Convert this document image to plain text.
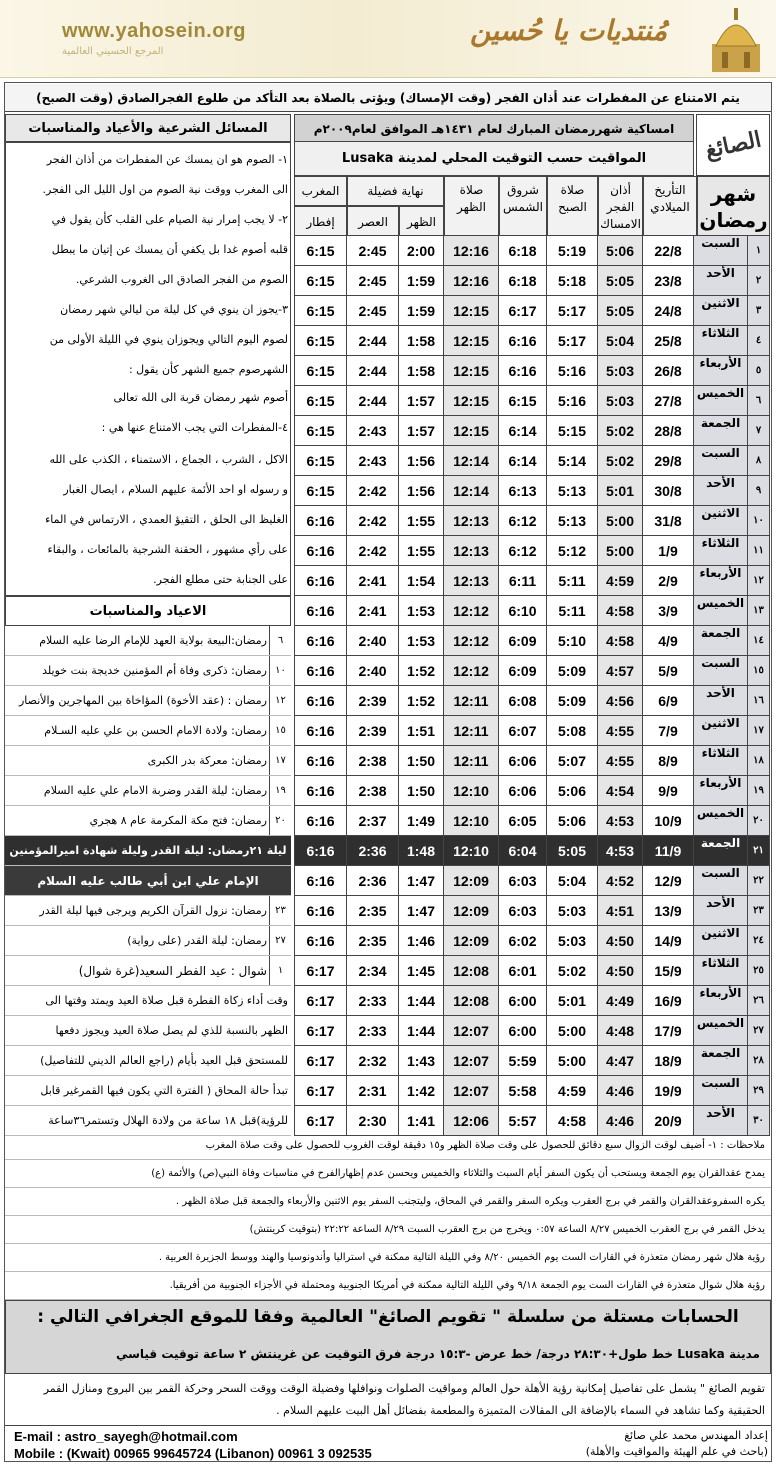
www.yahosein.org
المرجع الحسيني العالمية
مُنتديات يا حُسين
يتم الامتناع عن المفطرات عند أذان الفجر (وقت الإمساك) ويؤتى بالصلاة بعد التأكد من طلوع الفجرالصادق (وقت الصبح)
المسائل الشرعية والأعياد والمناسبات	امساكية شهررمضان المبارك لعام ١٤٣١هـ الموافق لعام٢٠٠٩م
المواقيت حسب التوقيت المحلي لمدينة Lusaka	الصائغ
شهر رمضان
التأريخ الميلادي
أذان الفجر الامساك
صلاة الصبح
شروق الشمس
صلاة الظهر
نهاية فضيلة
الظهر
العصر
المغرب
إفطار
١
السبت
22/8
5:06
5:19
6:18
12:16
2:00
2:45
6:15
٢
الأحد
23/8
5:05
5:18
6:18
12:16
1:59
2:45
6:15
٣
الاثنين
24/8
5:05
5:17
6:17
12:15
1:59
2:45
6:15
٤
الثلاثاء
25/8
5:04
5:17
6:16
12:15
1:58
2:44
6:15
٥
الأربعاء
26/8
5:03
5:16
6:16
12:15
1:58
2:44
6:15
٦
الخميس
27/8
5:03
5:16
6:15
12:15
1:57
2:44
6:15
٧
الجمعة
28/8
5:02
5:15
6:14
12:15
1:57
2:43
6:15
٨
السبت
29/8
5:02
5:14
6:14
12:14
1:56
2:43
6:15
٩
الأحد
30/8
5:01
5:13
6:13
12:14
1:56
2:42
6:15
١٠
الاثنين
31/8
5:00
5:13
6:12
12:13
1:55
2:42
6:16
١١
الثلاثاء
1/9
5:00
5:12
6:12
12:13
1:55
2:42
6:16
١٢
الأربعاء
2/9
4:59
5:11
6:11
12:13
1:54
2:41
6:16
١٣
الخميس
3/9
4:58
5:11
6:10
12:12
1:53
2:41
6:16
١٤
الجمعة
4/9
4:58
5:10
6:09
12:12
1:53
2:40
6:16
١٥
السبت
5/9
4:57
5:09
6:09
12:12
1:52
2:40
6:16
١٦
الأحد
6/9
4:56
5:09
6:08
12:11
1:52
2:39
6:16
١٧
الاثنين
7/9
4:55
5:08
6:07
12:11
1:51
2:39
6:16
١٨
الثلاثاء
8/9
4:55
5:07
6:06
12:11
1:50
2:38
6:16
١٩
الأربعاء
9/9
4:54
5:06
6:06
12:10
1:50
2:38
6:16
٢٠
الخميس
10/9
4:53
5:06
6:05
12:10
1:49
2:37
6:16
٢١
الجمعة
11/9
4:53
5:05
6:04
12:10
1:48
2:36
6:16
٢٢
السبت
12/9
4:52
5:04
6:03
12:09
1:47
2:36
6:16
٢٣
الأحد
13/9
4:51
5:03
6:03
12:09
1:47
2:35
6:16
٢٤
الاثنين
14/9
4:50
5:03
6:02
12:09
1:46
2:35
6:16
٢٥
الثلاثاء
15/9
4:50
5:02
6:01
12:08
1:45
2:34
6:17
٢٦
الأربعاء
16/9
4:49
5:01
6:00
12:08
1:44
2:33
6:17
٢٧
الخميس
17/9
4:48
5:00
6:00
12:07
1:44
2:33
6:17
٢٨
الجمعة
18/9
4:47
5:00
5:59
12:07
1:43
2:32
6:17
٢٩
السبت
19/9
4:46
4:59
5:58
12:07
1:42
2:31
6:17
٣٠
الأحد
20/9
4:46
4:58
5:57
12:06
1:41
2:30
6:17
١- الصوم هو ان يمسك عن المفطرات من أذان الفجر
الى المغرب ووقت نية الصوم من اول الليل الى الفجر.
٢- لا يجب إمرار نية الصيام على القلب كأن يقول في
قلبه أصوم غدا بل يكفي أن يمسك عن إتيان ما يبطل
الصوم من الفجر الصادق الى الغروب الشرعي.
٣-يجوز ان ينوي في كل ليلة من ليالي شهر رمضان
لصوم اليوم التالي ويجوزان ينوي في الليلة الأولى من
الشهرصوم جميع الشهر كأن يقول :
أصوم شهر رمضان قربة الى الله تعالى
٤-المفطرات التي يجب الامتناع عنها هي :
الاكل ، الشرب ، الجماع ، الاستمناء ، الكذب على الله
و رسوله او احد الأئمة عليهم السلام ، ايصال الغبار
الغليظ الى الحلق ، التقيؤ العمدي ، الارتماس في الماء
على رأي مشهور ، الحقنة الشرجية بالمائعات ، والبقاء
على الجنابة حتى مطلع الفجر.
الاعياد والمناسبات
٦
رمضان:البيعة بولاية العهد للإمام الرضا عليه السلام
١٠
رمضان: ذكرى وفاة أم المؤمنين خديجة بنت خويلد
١٢
رمضان : (عقد الأخوة) المؤاخاة بين المهاجرين والأنصار
١٥
رمضان: ولادة الامام الحسن بن علي عليه السـلام
١٧
رمضان: معركة بدر الكبرى
١٩
رمضان: ليلة القدر وضربة الامام علي عليه السلام
٢٠
رمضان: فتح مكة المكرمة عام ٨ هجري
ليلة ٢١رمضان: ليلة القدر وليلة شهادة اميرالمؤمنين
الإمام علي ابن أبي طالب عليه السلام
٢٣
رمضان: نزول القرآن الكريم ويرجى فيها ليلة القدر
٢٧
رمضان: ليلة القدر (على رواية)
١
شوال : عيد الفطر السعيد(غرة شوال)
وقت أداء زكاة الفطرة قبل صلاة العيد ويمتد وقتها الى
الظهر بالنسبة للذي لم يصل صلاة العيد ويجوز دفعها
للمستحق قبل العيد بأيام (راجع العالم الديني للتفاصيل)
تبدأ حالة المحاق ( الفترة التي يكون فيها القمرغير قابل
للرؤية)قبل ١٨ ساعة من ولادة الهلال وتستمر٣٦ساعة
ملاحظات : ١- أضيف لوقت الزوال سبع دقائق للحصول على وقت صلاة الظهر و١٥ دقيقة لوقت الغروب للحصول على وقت صلاة المغرب
يمدح عقدالقران يوم الجمعة ويستحب أن يكون السفر أيام السبت والثلاثاء والخميس ويحسن عدم إظهارالفرح في مناسبات وفاة النبي(ص) والأئمة (ع)
يكره السفروعقدالقران والقمر في برج العقرب ويكره السفر والقمر في المحاق، وليتجنب السفر يوم الاثنين والأربعاء والجمعة قبل صلاة الظهر .
يدخل القمر في برج العقرب الخميس ٨/٢٧ الساعة ٠:٥٧ ويخرج من برج العقرب السبت ٨/٢٩ الساعة ٢٢:٢٢ (بتوقيت كرينتش)
رؤية هلال شهر رمضان متعذرة في القارات الست يوم الخميس ٨/٢٠ وفي الليلة التالية ممكنة في استراليا وأندونوسيا والهند ووسط الجزيرة العربية .
رؤية هلال شوال متعذرة في القارات الست يوم الجمعة ٩/١٨ وفي الليلة التالية ممكنة في أمريكا الجنوبية ومحتملة في الأجزاء الجنوبية من أفريقيا.
الحسابات مستلة من سلسلة " تقويم الصائغ" العالمية وفقا للموقع الجغرافي التالي :
مدينة Lusaka خط طول+٢٨:٣٠ درجة/ خط عرض -١٥:٣ درجة فرق التوقيت عن غرينتش ٢ ساعة توقيت قياسي
تقويم الصائغ " يشمل على تفاصيل إمكانية رؤية الأهلة حول العالم ومواقيت الصلوات ونوافلها وفضيلة الوقت ووقت السحر وحركة القمر بين البروج ومنازل القمر الحقيقية وكما تشاهد في السماء بالإضافة الى المقالات المتميزة والمطعمة بفضائل أهل البيت عليهم السلام .
إعداد المهندس محمد علي صائغ
(باحث في علم الهيئة والمواقيت والأهلة)
E-mail : astro_sayegh@hotmail.com
Mobile : (Kwait) 00965 99645724 (Libanon) 00961 3 092535
